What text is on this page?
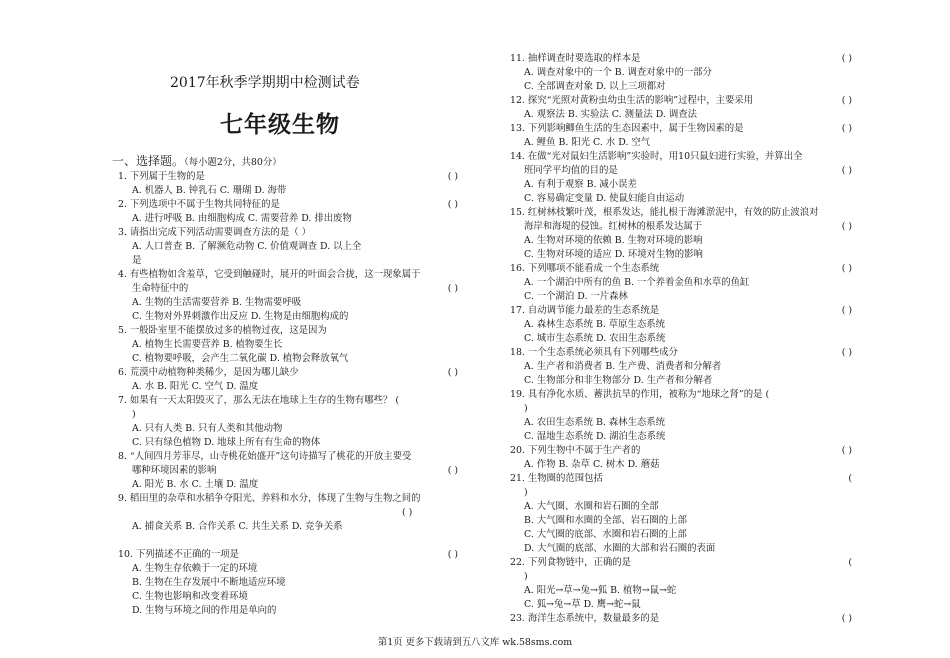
2017年秋季学期期中检测试卷
七年级生物
一、选择题。（每小题2分，共80分）
1. 下列属于生物的是	( )
A. 机器人 B. 钟乳石 C. 珊瑚 D. 海带
2. 下列选项中不属于生物共同特征的是	( )
A. 进行呼吸 B. 由细胞构成 C. 需要营养 D. 排出废物
3. 请指出完成下列活动需要调查方法的是（ ）
A. 人口普查 B. 了解濒危动物 C. 价值观调查 D. 以上全
是
4. 有些植物如含羞草，它受到触碰时，展开的叶面会合拢，这一现象属于
生命特征中的	( )
A. 生物的生活需要营养 B. 生物需要呼吸
C. 生物对外界刺激作出反应 D. 生物是由细胞构成的
5. 一般卧室里不能摆放过多的植物过夜，这是因为
A. 植物生长需要营养 B. 植物要生长
C. 植物要呼吸，会产生二氧化碳 D. 植物会释放氧气
6. 荒漠中动植物种类稀少，是因为哪儿缺少	( )
A. 水 B. 阳光 C. 空气 D. 温度
7. 如果有一天太阳毁灭了，那么无法在地球上生存的生物有哪些？ (
)
A. 只有人类 B. 只有人类和其他动物
C. 只有绿色植物 D. 地球上所有有生命的物体
8. “人间四月芳菲尽，山寺桃花始盛开”这句诗描写了桃花的开放主要受
哪种环境因素的影响	( )
A. 阳光 B. 水 C. 土壤 D. 温度
9. 稻田里的杂草和水稻争夺阳光、养料和水分，体现了生物与生物之间的
( )
A. 捕食关系 B. 合作关系 C. 共生关系 D. 竞争关系
10. 下列描述不正确的一项是	( )
A. 生物生存依赖于一定的环境
B. 生物在生存发展中不断地适应环境
C. 生物也影响和改变着环境
D. 生物与环境之间的作用是单向的
11. 抽样调查时要选取的样本是	( )
A. 调查对象中的一个 B. 调查对象中的一部分
C. 全部调查对象 D. 以上三项都对
12. 探究“光照对黄粉虫幼虫生活的影响”过程中，主要采用	( )
A. 观察法 B. 实验法 C. 测量法 D. 调查法
13. 下列影响鲫鱼生活的生态因素中，属于生物因素的是	( )
A. 鲤鱼 B. 阳光 C. 水 D. 空气
14. 在做“光对鼠妇生活影响”实验时，用10只鼠妇进行实验，并算出全
班同学平均值的目的是	( )
A. 有利于观察 B. 减小误差
C. 容易确定变量 D. 使鼠妇能自由运动
15. 红树林枝繁叶茂，根系发达，能扎根于海滩淤泥中，有效的防止波浪对
海岸和海堤的侵蚀。红树林的根系发达属于	( )
A. 生物对环境的依赖 B. 生物对环境的影响
C. 生物对环境的适应 D. 环境对生物的影响
16. 下列哪项不能看成一个生态系统	( )
A. 一个湖泊中所有的鱼 B. 一个养着金鱼和水草的鱼缸
C. 一个湖泊 D. 一片森林
17. 自动调节能力最差的生态系统是	( )
A. 森林生态系统 B. 草原生态系统
C. 城市生态系统 D. 农田生态系统
18. 一个生态系统必须具有下列哪些成分	( )
A. 生产者和消费者 B. 生产费、消费者和分解者
C. 生物部分和非生物部分 D. 生产者和分解者
19. 具有净化水质、蓄洪抗旱的作用，被称为“地球之肾”的是 (
)
A. 农田生态系统 B. 森林生态系统
C. 湿地生态系统 D. 湖泊生态系统
20. 下列生物中不属于生产者的	( )
A. 作物 B. 杂草 C. 树木 D. 蘑菇
21. 生物圈的范围包括	(
)
A. 大气圈、水圈和岩石圈的全部
B. 大气圈和水圈的全部、岩石圈的上部
C. 大气圈的底部、水圈和岩石圈的上部
D. 大气圈的底部、水圈的大部和岩石圈的表面
22. 下列食物链中，正确的是	(
)
A. 阳光→草→兔→狐 B. 植物→鼠→蛇
C. 狐→兔→草 D. 鹰→蛇→鼠
23. 海洋生态系统中，数量最多的是	( )
第1页 更多下载请到五八文库 wk.58sms.com
